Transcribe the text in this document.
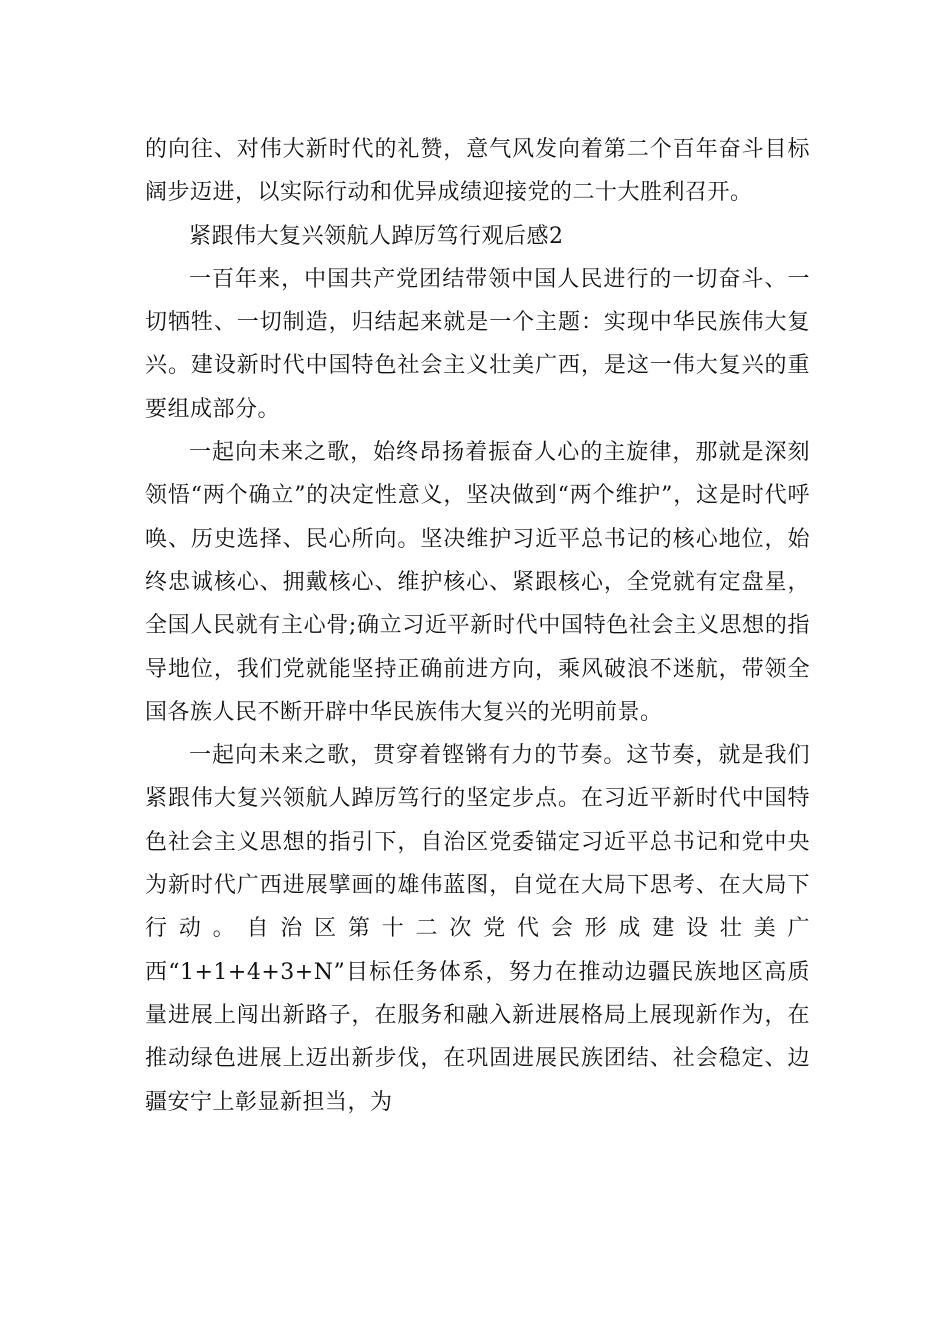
的向往、对伟大新时代的礼赞，意气风发向着第二个百年奋斗目标阔步迈进，以实际行动和优异成绩迎接党的二十大胜利召开。

紧跟伟大复兴领航人踔厉笃行观后感2

一百年来，中国共产党团结带领中国人民进行的一切奋斗、一切牺牲、一切制造，归结起来就是一个主题：实现中华民族伟大复兴。建设新时代中国特色社会主义壮美广西，是这一伟大复兴的重要组成部分。

一起向未来之歌，始终昂扬着振奋人心的主旋律，那就是深刻领悟“两个确立”的决定性意义，坚决做到“两个维护”，这是时代呼唤、历史选择、民心所向。坚决维护习近平总书记的核心地位，始终忠诚核心、拥戴核心、维护核心、紧跟核心，全党就有定盘星，全国人民就有主心骨;确立习近平新时代中国特色社会主义思想的指导地位，我们党就能坚持正确前进方向，乘风破浪不迷航，带领全国各族人民不断开辟中华民族伟大复兴的光明前景。

一起向未来之歌，贯穿着铿锵有力的节奏。这节奏，就是我们紧跟伟大复兴领航人踔厉笃行的坚定步点。在习近平新时代中国特色社会主义思想的指引下，自治区党委锚定习近平总书记和党中央为新时代广西进展擘画的雄伟蓝图，自觉在大局下思考、在大局下行动。自治区第十二次党代会形成建设壮美广西“1+1+4+3+N”目标任务体系，努力在推动边疆民族地区高质量进展上闯出新路子，在服务和融入新进展格局上展现新作为，在推动绿色进展上迈出新步伐，在巩固进展民族团结、社会稳定、边疆安宁上彰显新担当，为
